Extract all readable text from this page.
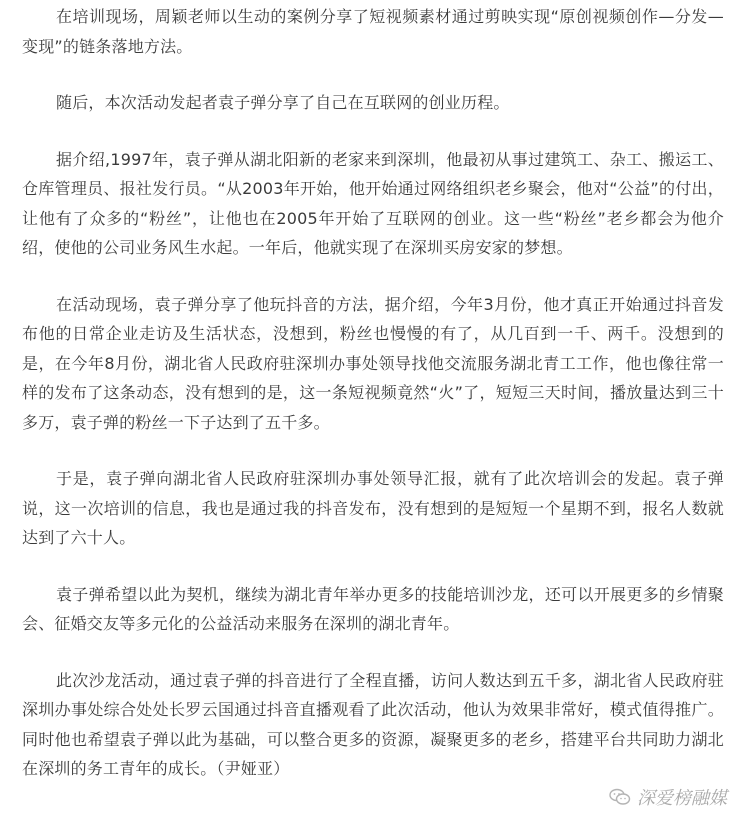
在培训现场，周颖老师以生动的案例分享了短视频素材通过剪映实现“原创视频创作—分发—变现”的链条落地方法。

随后，本次活动发起者袁子弹分享了自己在互联网的创业历程。

据介绍,1997年，袁子弹从湖北阳新的老家来到深圳，他最初从事过建筑工、杂工、搬运工、仓库管理员、报社发行员。“从2003年开始，他开始通过网络组织老乡聚会，他对“公益”的付出，让他有了众多的“粉丝”，让他也在2005年开始了互联网的创业。这一些“粉丝”老乡都会为他介绍，使他的公司业务风生水起。一年后，他就实现了在深圳买房安家的梦想。

在活动现场，袁子弹分享了他玩抖音的方法，据介绍，今年3月份，他才真正开始通过抖音发布他的日常企业走访及生活状态，没想到，粉丝也慢慢的有了，从几百到一千、两千。没想到的是，在今年8月份，湖北省人民政府驻深圳办事处领导找他交流服务湖北青工工作，他也像往常一样的发布了这条动态，没有想到的是，这一条短视频竟然“火”了，短短三天时间，播放量达到三十多万，袁子弹的粉丝一下子达到了五千多。

于是，袁子弹向湖北省人民政府驻深圳办事处领导汇报，就有了此次培训会的发起。袁子弹说，这一次培训的信息，我也是通过我的抖音发布，没有想到的是短短一个星期不到，报名人数就达到了六十人。

袁子弹希望以此为契机，继续为湖北青年举办更多的技能培训沙龙，还可以开展更多的乡情聚会、征婚交友等多元化的公益活动来服务在深圳的湖北青年。

此次沙龙活动，通过袁子弹的抖音进行了全程直播，访问人数达到五千多，湖北省人民政府驻深圳办事处综合处处长罗云国通过抖音直播观看了此次活动，他认为效果非常好，模式值得推广。同时他也希望袁子弹以此为基础，可以整合更多的资源，凝聚更多的老乡，搭建平台共同助力湖北在深圳的务工青年的成长。（尹娅亚）

深爱榜融媒
